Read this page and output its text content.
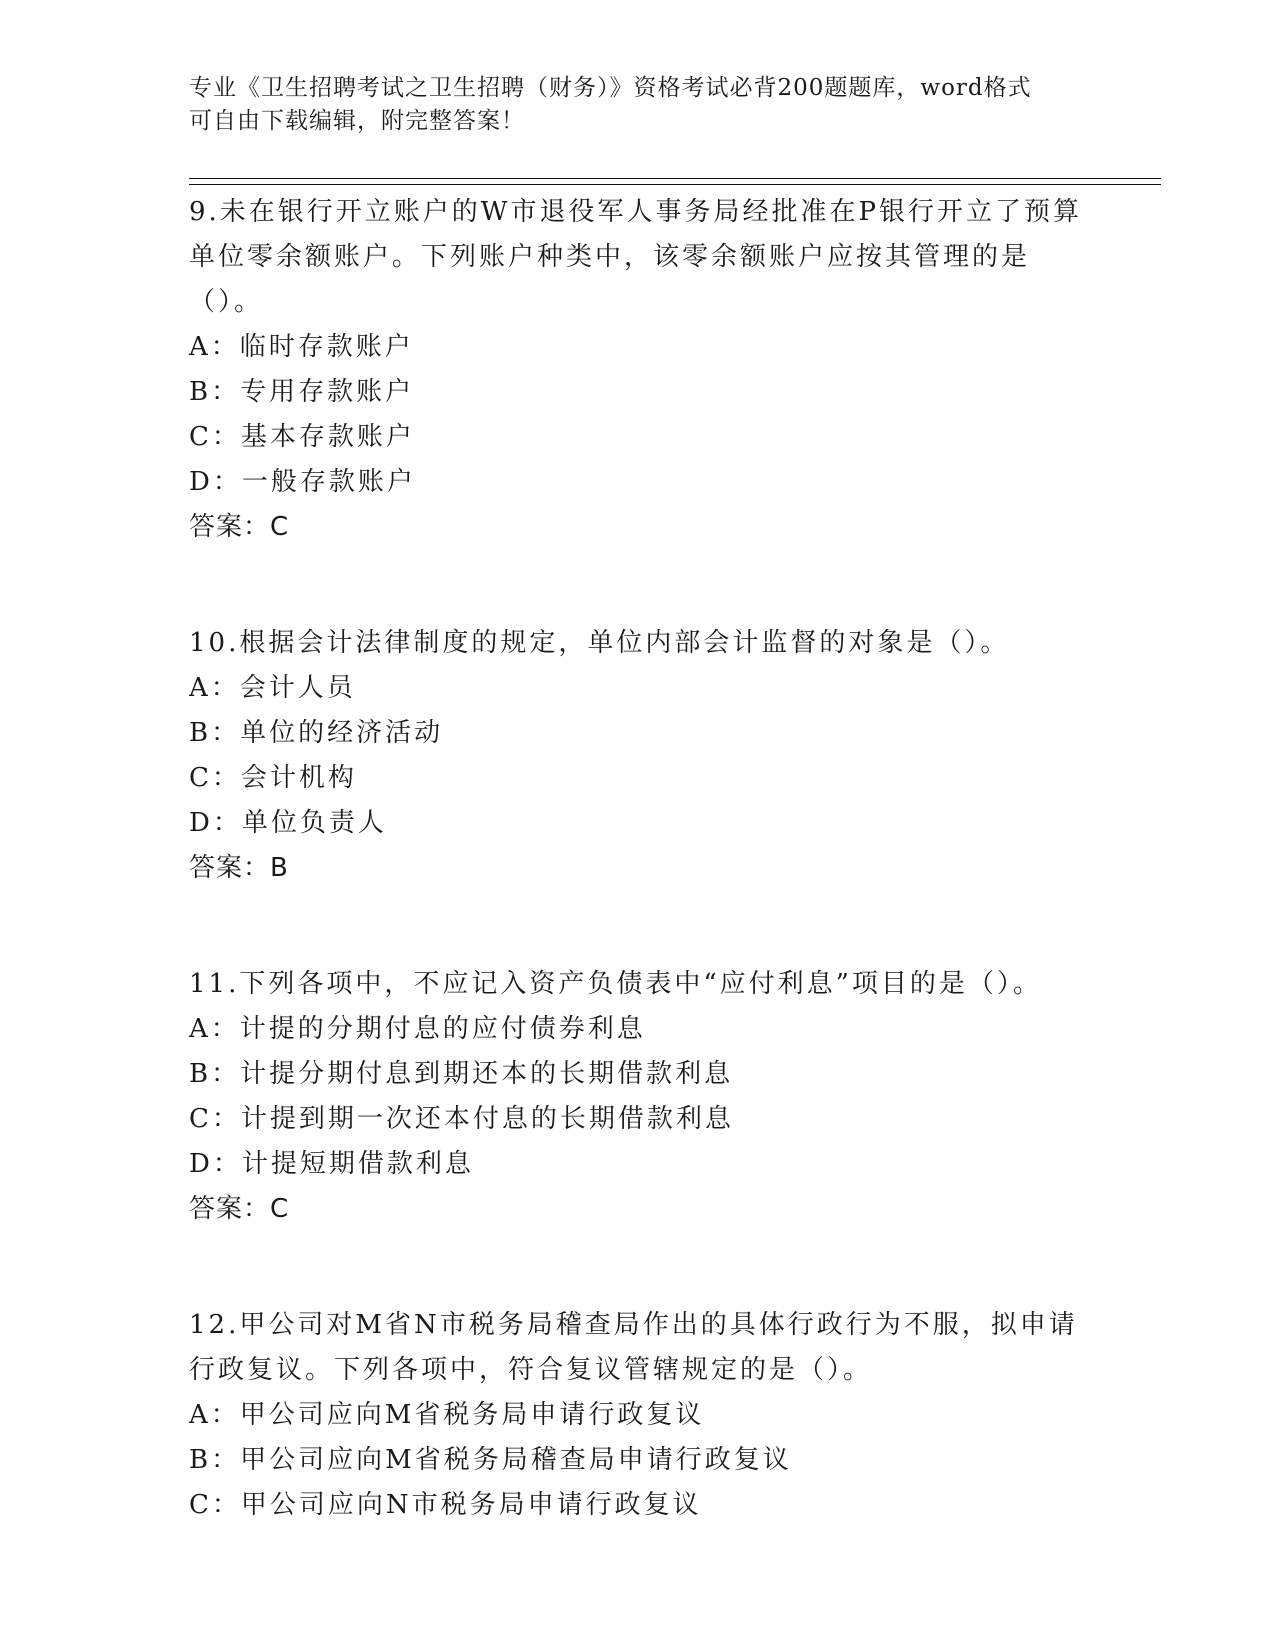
专业《卫生招聘考试之卫生招聘（财务）》资格考试必背200题题库，word格式
可自由下载编辑，附完整答案！

9.未在银行开立账户的W市退役军人事务局经批准在P银行开立了预算单位零余额账户。下列账户种类中，该零余额账户应按其管理的是（）。

A：临时存款账户

B：专用存款账户

C：基本存款账户

D：一般存款账户

答案：C

10.根据会计法律制度的规定，单位内部会计监督的对象是（）。

A：会计人员

B：单位的经济活动

C：会计机构

D：单位负责人

答案：B

11.下列各项中，不应记入资产负债表中“应付利息”项目的是（）。

A：计提的分期付息的应付债券利息

B：计提分期付息到期还本的长期借款利息

C：计提到期一次还本付息的长期借款利息

D：计提短期借款利息

答案：C

12.甲公司对M省N市税务局稽查局作出的具体行政行为不服，拟申请行政复议。下列各项中，符合复议管辖规定的是（）。

A：甲公司应向M省税务局申请行政复议

B：甲公司应向M省税务局稽查局申请行政复议

C：甲公司应向N市税务局申请行政复议
